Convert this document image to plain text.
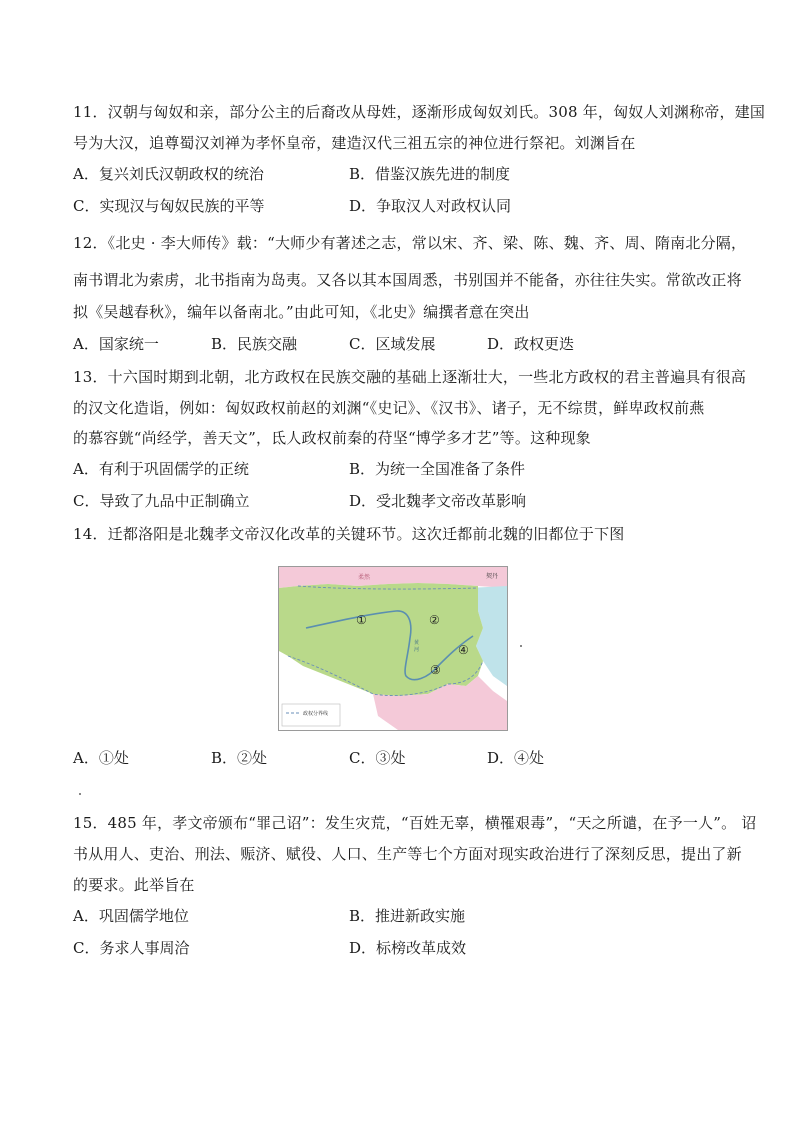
11．汉朝与匈奴和亲，部分公主的后裔改从母姓，逐渐形成匈奴刘氏。308 年，匈奴人刘渊称帝，建国
号为大汉，追尊蜀汉刘禅为孝怀皇帝，建造汉代三祖五宗的神位进行祭祀。刘渊旨在
A．复兴刘氏汉朝政权的统治	B．借鉴汉族先进的制度
C．实现汉与匈奴民族的平等	D．争取汉人对政权认同
12．《北史 · 李大师传》载：“大师少有著述之志，常以宋、齐、梁、陈、魏、齐、周、隋南北分隔，
南书谓北为索虏，北书指南为岛夷。又各以其本国周悉，书别国并不能备，亦往往失实。常欲改正将
拟《吴越春秋》，编年以备南北。”由此可知，《北史》编撰者意在突出
A．国家统一	B．民族交融	C．区域发展	D．政权更迭
13．十六国时期到北朝，北方政权在民族交融的基础上逐渐壮大，一些北方政权的君主普遍具有很高
的汉文化造诣，例如：匈奴政权前赵的刘渊“《史记》、《汉书》、诸子，无不综贯，鲜卑政权前燕
的慕容皝“尚经学，善天文”，氐人政权前秦的苻坚“博学多才艺”等。这种现象
A．有利于巩固儒学的正统	B．为统一全国准备了条件
C．导致了九品中正制确立	D．受北魏孝文帝改革影响
14．迁都洛阳是北魏孝文帝汉化改革的关键环节。这次迁都前北魏的旧都位于下图
①	②
④
③
柔然	契丹
黄
河
政权分界线
A．①处	B．②处	C．③处	D．④处
15．485 年，孝文帝颁布“罪己诏”：发生灾荒，“百姓无辜，横罹艰毒”，“天之所谴，在予一人”。 诏
书从用人、吏治、刑法、赈济、赋役、人口、生产等七个方面对现实政治进行了深刻反思，提出了新
的要求。此举旨在
A．巩固儒学地位	B．推进新政实施
C．务求人事周洽	D．标榜改革成效
